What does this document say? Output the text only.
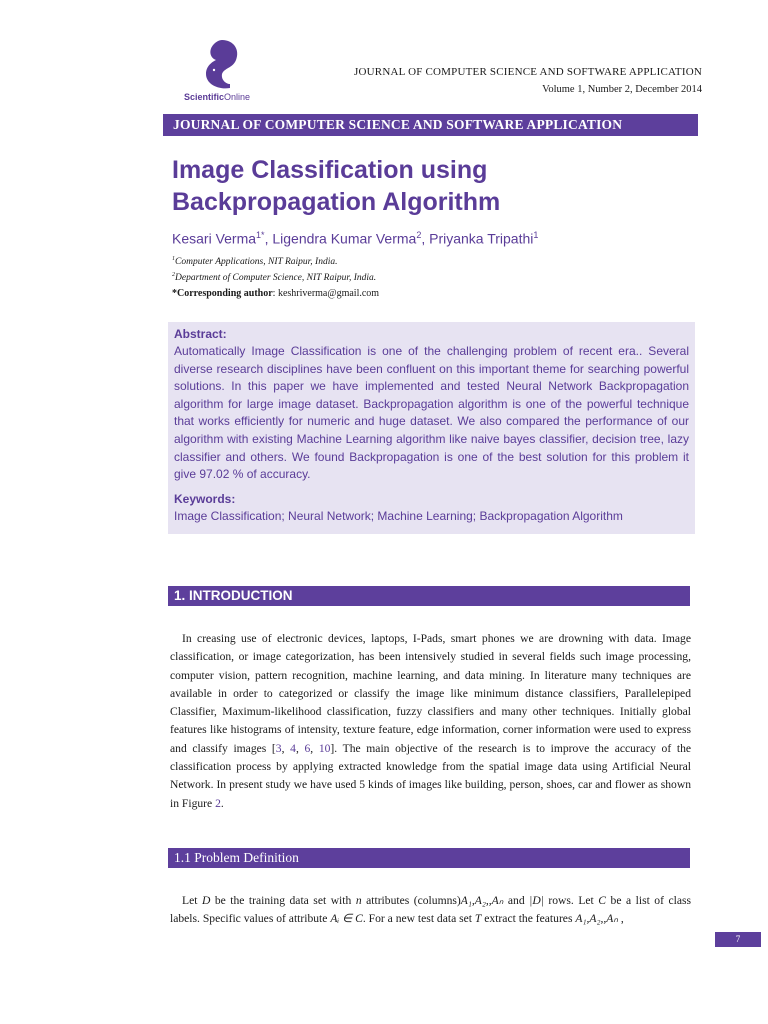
ScientificOnline
JOURNAL OF COMPUTER SCIENCE AND SOFTWARE APPLICATION
Volume 1, Number 2, December 2014
JOURNAL OF COMPUTER SCIENCE AND SOFTWARE APPLICATION
Image Classification using Backpropagation Algorithm
Kesari Verma$^{1*}$, Ligendra Kumar Verma$^2$, Priyanka Tripathi$^1$
$^1$Computer Applications, NIT Raipur, India.
$^2$Department of Computer Science, NIT Raipur, India.
*Corresponding author: keshriverma@gmail.com
Abstract:
Automatically Image Classification is one of the challenging problem of recent era.. Several diverse research disciplines have been confluent on this important theme for searching powerful solutions. In this paper we have implemented and tested Neural Network Backpropagation algorithm for large image dataset. Backpropagation algorithm is one of the powerful technique that works efficiently for numeric and huge dataset. We also compared the performance of our algorithm with existing Machine Learning algorithm like naive bayes classifier, decision tree, lazy classifier and others. We found Backpropagation is one of the best solution for this problem it give 97.02 % of accuracy.
Keywords:
Image Classification; Neural Network; Machine Learning; Backpropagation Algorithm
1. INTRODUCTION
In creasing use of electronic devices, laptops, I-Pads, smart phones we are drowning with data. Image classification, or image categorization, has been intensively studied in several fields such image processing, computer vision, pattern recognition, machine learning, and data mining. In literature many techniques are available in order to categorized or classify the image like minimum distance classifiers, Parallelepiped Classifier, Maximum-likelihood classification, fuzzy classifiers and many other techniques. Initially global features like histograms of intensity, texture feature, edge information, corner information were used to express and classify images [3, 4, 6, 10]. The main objective of the research is to improve the accuracy of the classification process by applying extracted knowledge from the spatial image data using Artificial Neural Network. In present study we have used 5 kinds of images like building, person, shoes, car and flower as shown in Figure 2.
1.1 Problem Definition
Let D be the training data set with n attributes (columns)A₁,A₂,,Aₙ and |D| rows. Let C be a list of class labels. Specific values of attribute Aᵢ ∈ C. For a new test data set T extract the features A₁,A₂,,Aₙ ,
7
